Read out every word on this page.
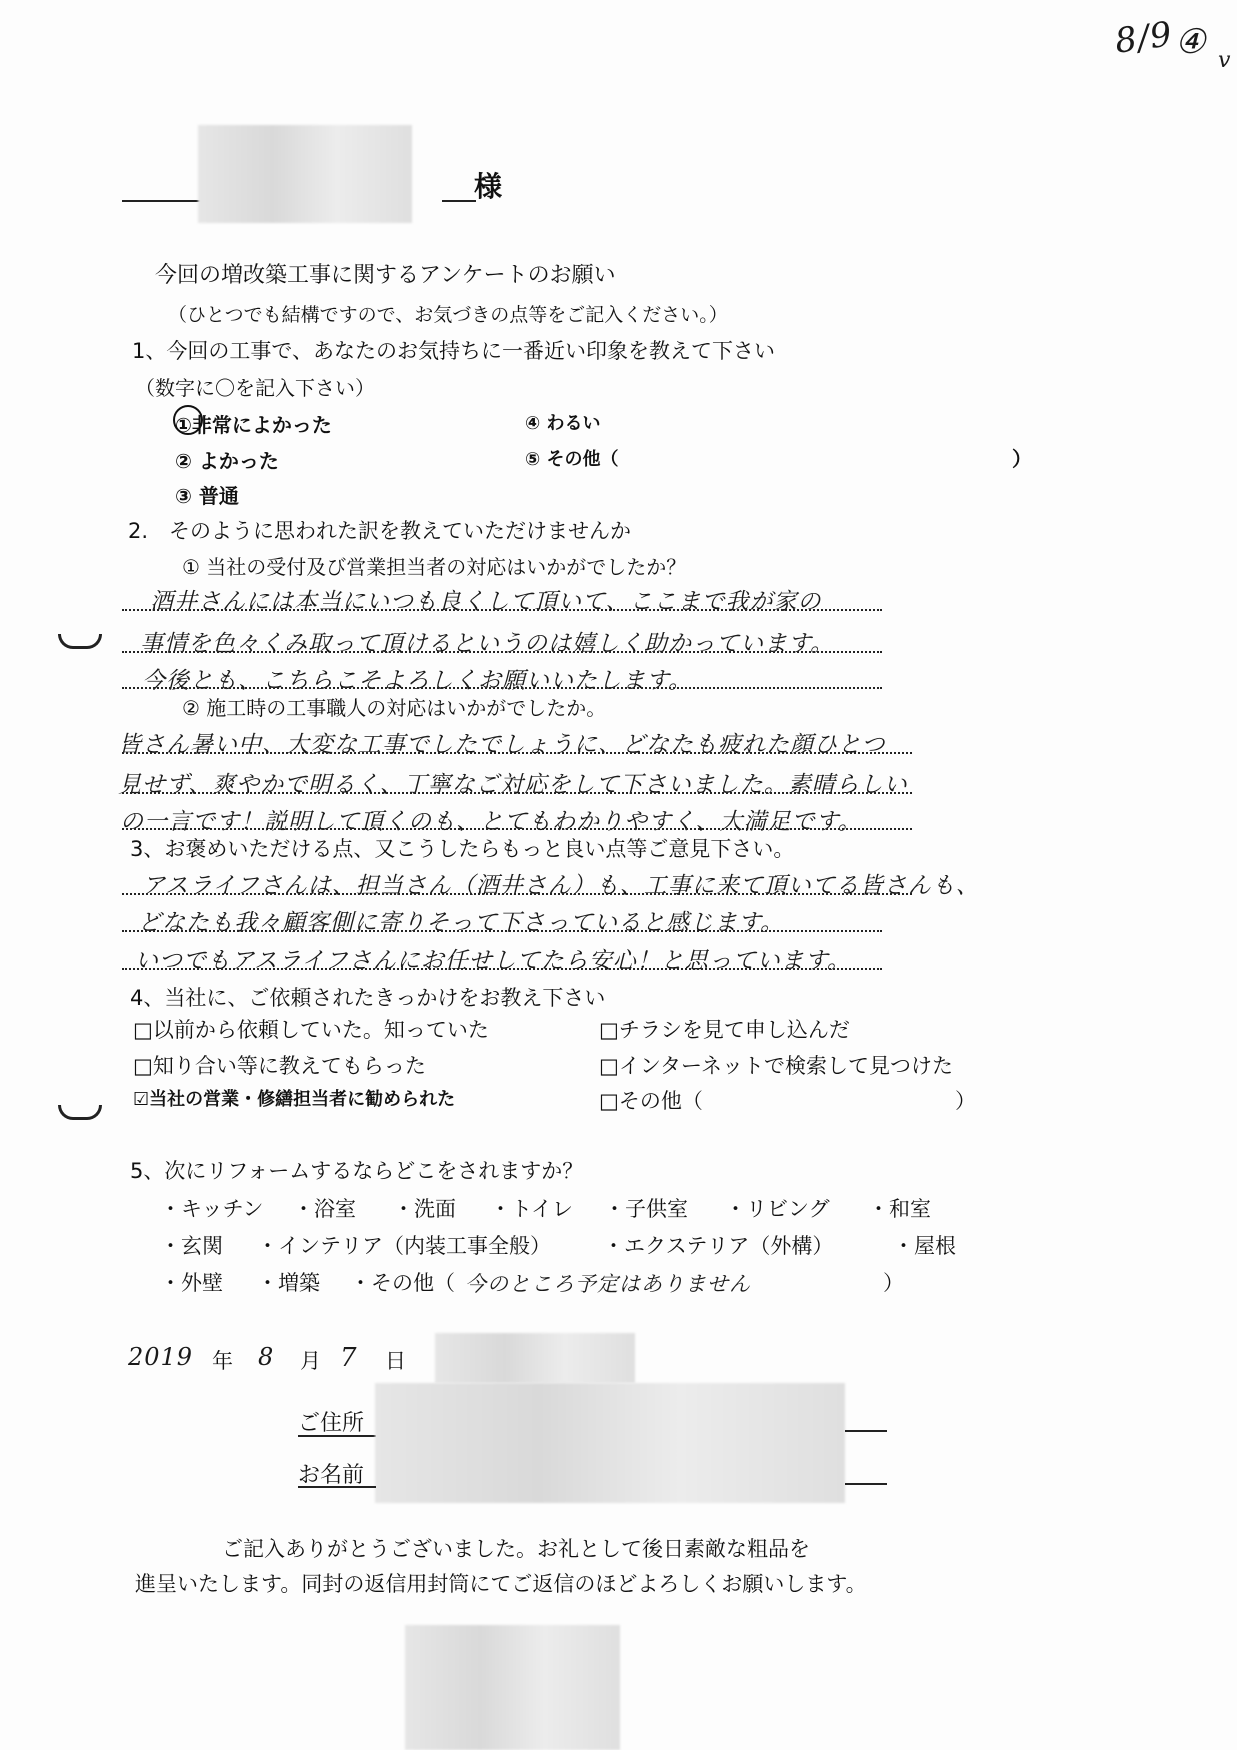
8/9 ④ v
様
今回の増改築工事に関するアンケートのお願い
（ひとつでも結構ですので、お気づきの点等をご記入ください。）
1、今回の工事で、あなたのお気持ちに一番近い印象を教えて下さい
（数字に〇を記入下さい）
①非常によかった
② よかった
③ 普通
④ わるい
⑤ その他（	）
2.　そのように思われた訳を教えていただけませんか
① 当社の受付及び営業担当者の対応はいかがでしたか？
酒井さんには本当にいつも良くして頂いて、ここまで我が家の
事情を色々くみ取って頂けるというのは嬉しく助かっています。
今後とも、こちらこそよろしくお願いいたします。
② 施工時の工事職人の対応はいかがでしたか。
皆さん暑い中、大変な工事でしたでしょうに、どなたも疲れた顔ひとつ
見せず、爽やかで明るく、丁寧なご対応をして下さいました。素晴らしい
の一言です！説明して頂くのも、とてもわかりやすく、大満足です。
3、お褒めいただける点、又こうしたらもっと良い点等ご意見下さい。
アスライフさんは、担当さん（酒井さん）も、工事に来て頂いてる皆さんも、
どなたも我々顧客側に寄りそって下さっていると感じます。
いつでもアスライフさんにお任せしてたら安心！と思っています。
4、当社に、ご依頼されたきっかけをお教え下さい
□以前から依頼していた。知っていた
□知り合い等に教えてもらった
☑当社の営業・修繕担当者に勧められた
□チラシを見て申し込んだ
□インターネットで検索して見つけた
□その他（	）
5、次にリフォームするならどこをされますか？
・キッチン ・浴室 ・洗面 ・トイレ ・子供室 ・リビング ・和室
・玄関 ・インテリア（内装工事全般） ・エクステリア（外構）	・屋根
・外壁 ・増築 ・その他（ 今のところ予定はありません	）
2019 年 8 月 7 日
ご住所
お名前
ご記入ありがとうございました。お礼として後日素敵な粗品を
進呈いたします。同封の返信用封筒にてご返信のほどよろしくお願いします。
